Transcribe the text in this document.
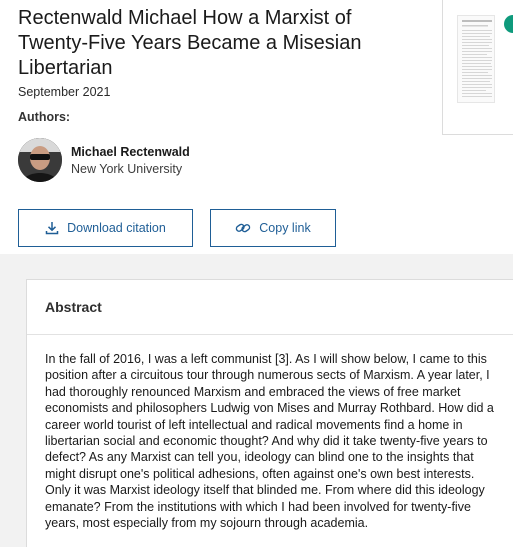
Rectenwald Michael How a Marxist of Twenty-Five Years Became a Misesian Libertarian
September 2021
Authors:
Michael Rectenwald
New York University
Download citation	Copy link
Abstract

In the fall of 2016, I was a left communist [3]. As I will show below, I came to this position after a circuitous tour through numerous sects of Marxism. A year later, I had thoroughly renounced Marxism and embraced the views of free market economists and philosophers Ludwig von Mises and Murray Rothbard. How did a career world tourist of left intellectual and radical movements find a home in libertarian social and economic thought? And why did it take twenty-five years to defect? As any Marxist can tell you, ideology can blind one to the insights that might disrupt one's political adhesions, often against one's own best interests. Only it was Marxist ideology itself that blinded me. From where did this ideology emanate? From the institutions with which I had been involved for twenty-five years, most especially from my sojourn through academia.
